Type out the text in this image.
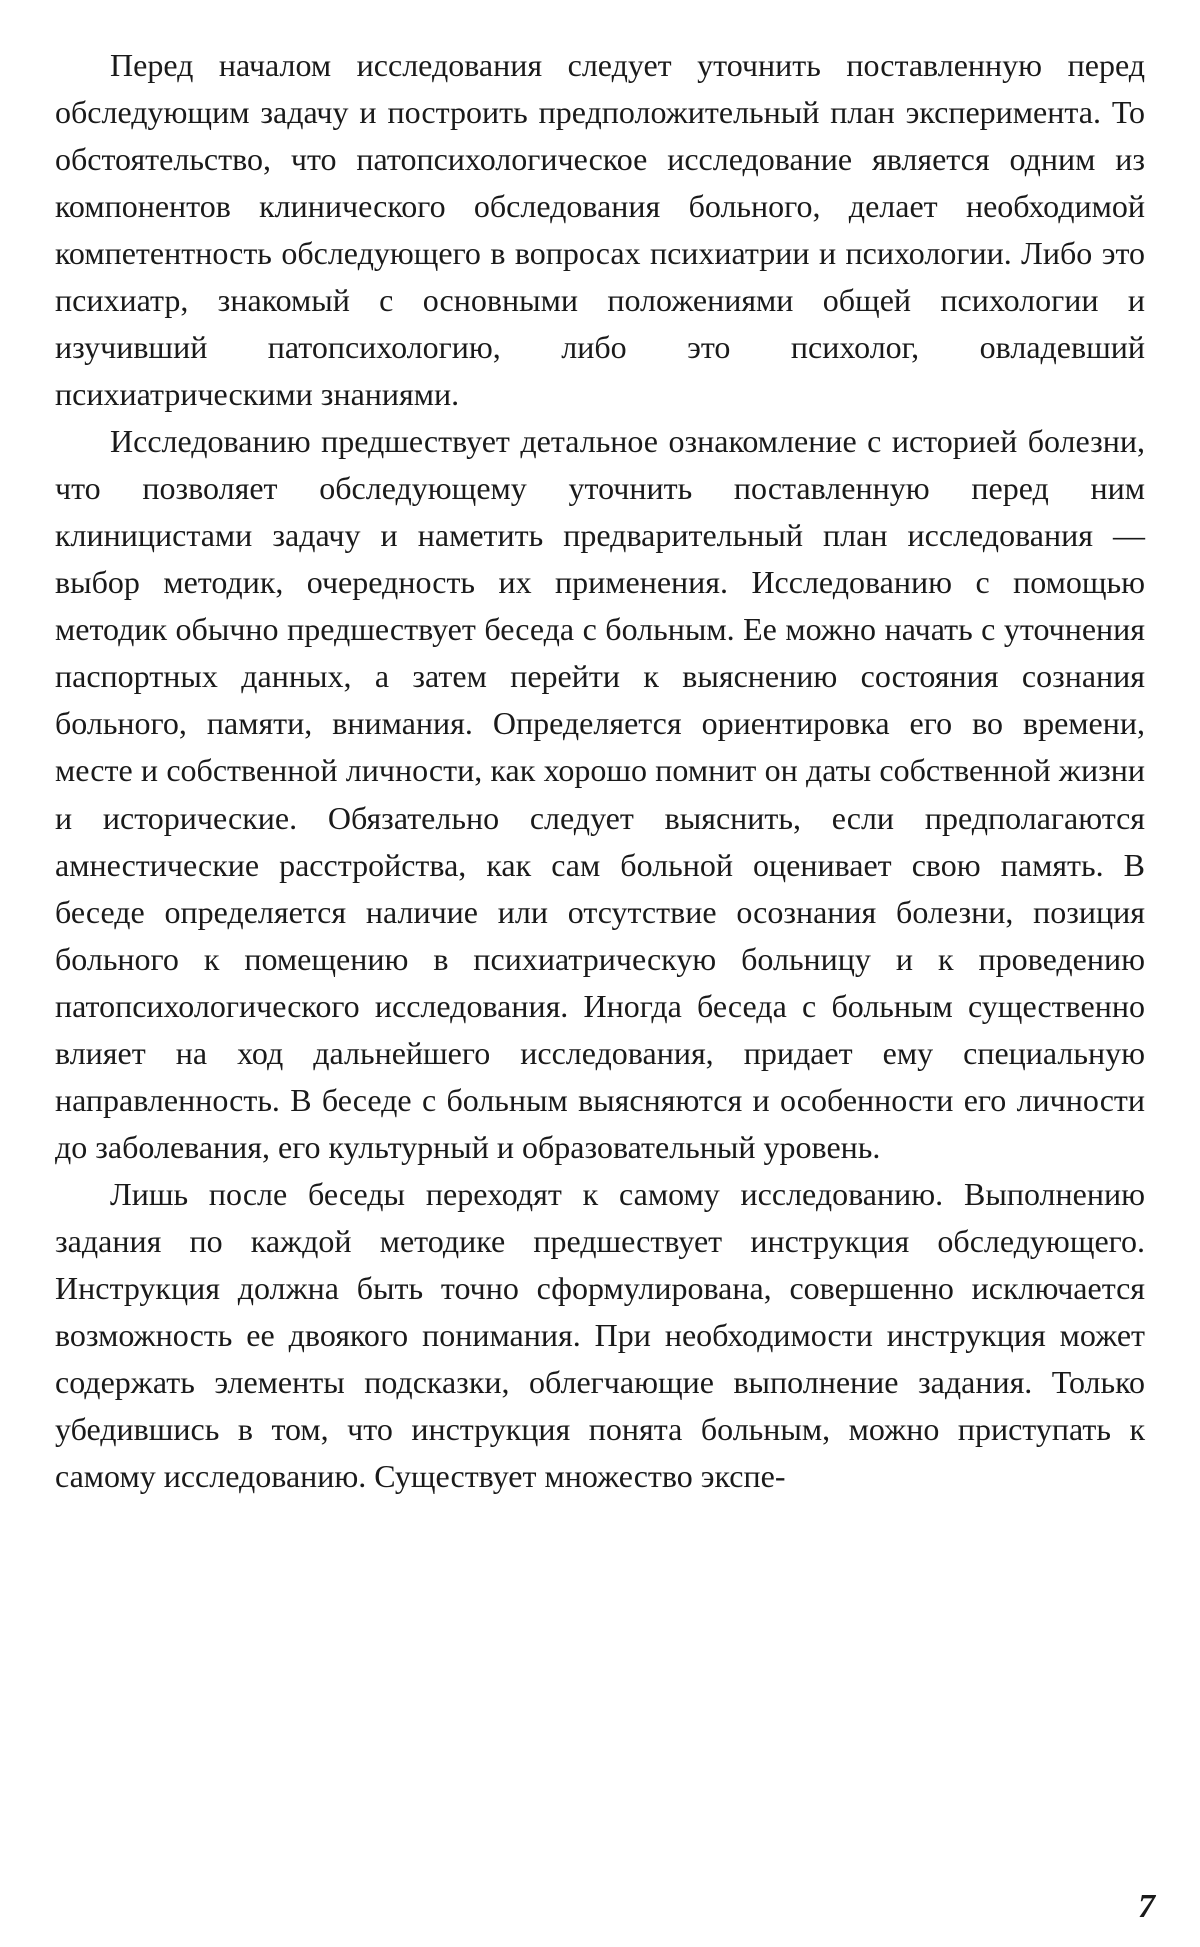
Перед началом исследования следует уточнить поставленную перед обследующим задачу и построить предположительный план эксперимента. То обстоятельство, что патопсихологическое исследование является одним из компонентов клинического обследования больного, делает необходимой компетентность обследующего в вопросах психиатрии и психологии. Либо это психиатр, знакомый с основными положениями общей психологии и изучивший патопсихологию, либо это психолог, овладевший психиатрическими знаниями.

Исследованию предшествует детальное ознакомление с историей болезни, что позволяет обследующему уточнить поставленную перед ним клиницистами задачу и наметить предварительный план исследования — выбор методик, очередность их применения. Исследованию с помощью методик обычно предшествует беседа с больным. Ее можно начать с уточнения паспортных данных, а затем перейти к выяснению состояния сознания больного, памяти, внимания. Определяется ориентировка его во времени, месте и собственной личности, как хорошо помнит он даты собственной жизни и исторические. Обязательно следует выяснить, если предполагаются амнестические расстройства, как сам больной оценивает свою память. В беседе определяется наличие или отсутствие осознания болезни, позиция больного к помещению в психиатрическую больницу и к проведению патопсихологического исследования. Иногда беседа с больным существенно влияет на ход дальнейшего исследования, придает ему специальную направленность. В беседе с больным выясняются и особенности его личности до заболевания, его культурный и образовательный уровень.

Лишь после беседы переходят к самому исследованию. Выполнению задания по каждой методике предшествует инструкция обследующего. Инструкция должна быть точно сформулирована, совершенно исключается возможность ее двоякого понимания. При необходимости инструкция может содержать элементы подсказки, облегчающие выполнение задания. Только убедившись в том, что инструкция понята больным, можно приступать к самому исследованию. Существует множество экспе-

7
